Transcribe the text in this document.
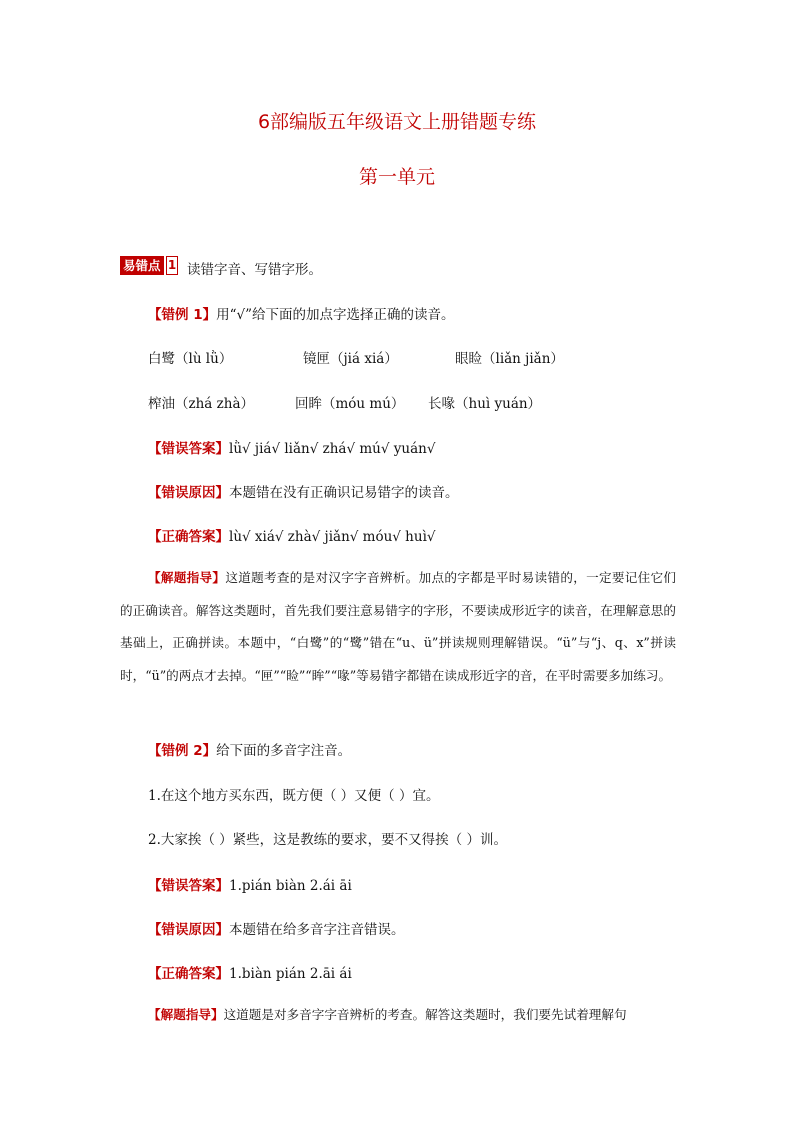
6部编版五年级语文上册错题专练
第一单元
易错点 1 读错字音、写错字形。
【错例 1】用“√”给下面的加点字选择正确的读音。
白鹭（lù lǜ）	镜匣（jiá xiá）	眼睑（liǎn jiǎn）
榨油（zhá zhà）	回眸（móu mú） 长喙（huì yuán）
【错误答案】lǜ√ jiá√ liǎn√ zhá√ mú√ yuán√
【错误原因】本题错在没有正确识记易错字的读音。
【正确答案】lù√ xiá√ zhà√ jiǎn√ móu√ huì√
【解题指导】这道题考查的是对汉字字音辨析。加点的字都是平时易读错的，一定要记住它们的正确读音。解答这类题时，首先我们要注意易错字的字形，不要读成形近字的读音，在理解意思的基础上，正确拼读。本题中，“白鹭”的“鹭”错在“u、ü”拼读规则理解错误。“ü”与“j、q、x”拼读时，“ü”的两点才去掉。“匣”“睑”“眸”“喙”等易错字都错在读成形近字的音，在平时需要多加练习。
【错例 2】给下面的多音字注音。
1.在这个地方买东西，既方便（ ）又便（ ）宜。
2.大家挨（ ）紧些，这是教练的要求，要不又得挨（ ）训。
【错误答案】1.pián biàn 2.ái āi
【错误原因】本题错在给多音字注音错误。
【正确答案】1.biàn pián 2.āi ái
【解题指导】这道题是对多音字字音辨析的考查。解答这类题时，我们要先试着理解句
